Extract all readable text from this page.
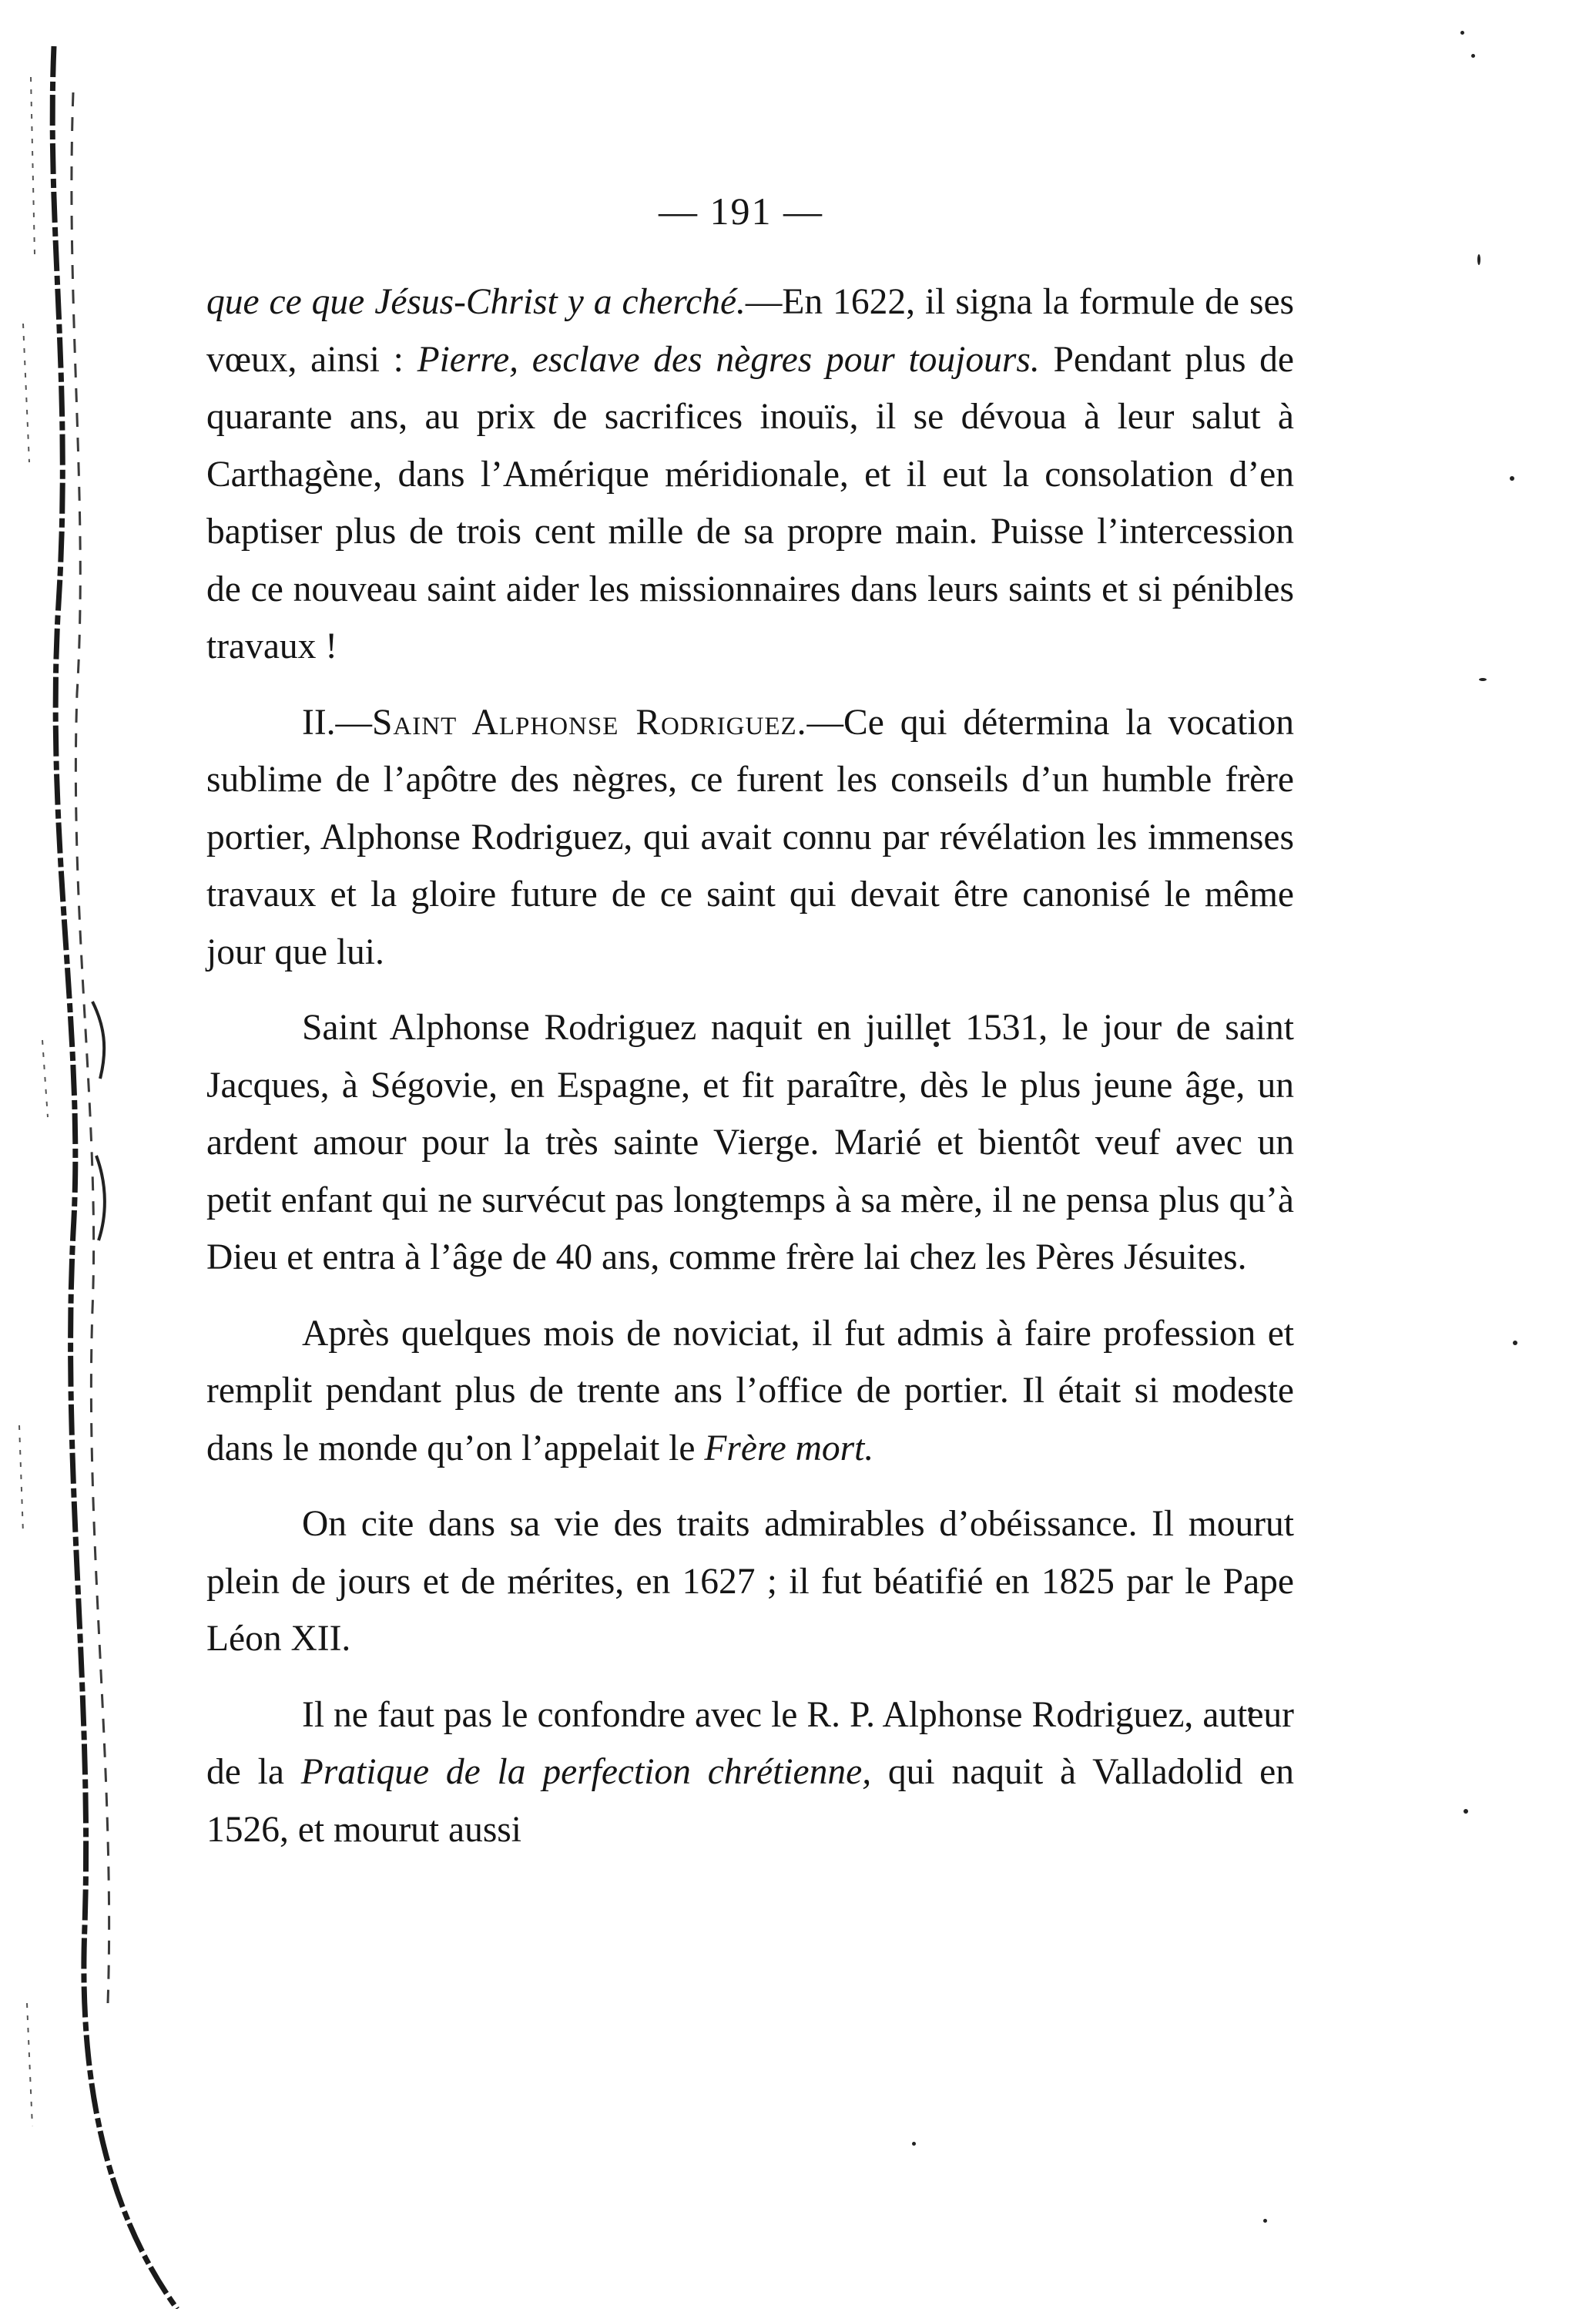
— 191 —

que ce que Jésus-Christ y a cherché.—En 1622, il signa la formule de ses vœux, ainsi : Pierre, esclave des nègres pour toujours. Pendant plus de quarante ans, au prix de sacrifices inouïs, il se dévoua à leur salut à Carthagène, dans l’Amérique méridionale, et il eut la consolation d’en baptiser plus de trois cent mille de sa propre main. Puisse l’intercession de ce nouveau saint aider les missionnaires dans leurs saints et si pénibles travaux !

II.—Saint Alphonse Rodriguez.—Ce qui détermina la vocation sublime de l’apôtre des nègres, ce furent les conseils d’un humble frère portier, Alphonse Rodriguez, qui avait connu par révélation les immenses travaux et la gloire future de ce saint qui devait être canonisé le même jour que lui.

Saint Alphonse Rodriguez naquit en juillet 1531, le jour de saint Jacques, à Ségovie, en Espagne, et fit paraître, dès le plus jeune âge, un ardent amour pour la très sainte Vierge. Marié et bientôt veuf avec un petit enfant qui ne survécut pas longtemps à sa mère, il ne pensa plus qu’à Dieu et entra à l’âge de 40 ans, comme frère lai chez les Pères Jésuites.

Après quelques mois de noviciat, il fut admis à faire profession et remplit pendant plus de trente ans l’office de portier. Il était si modeste dans le monde qu’on l’appelait le Frère mort.

On cite dans sa vie des traits admirables d’obéissance. Il mourut plein de jours et de mérites, en 1627 ; il fut béatifié en 1825 par le Pape Léon XII.

Il ne faut pas le confondre avec le R. P. Alphonse Rodriguez, auteur de la Pratique de la perfection chrétienne, qui naquit à Valladolid en 1526, et mourut aussi
